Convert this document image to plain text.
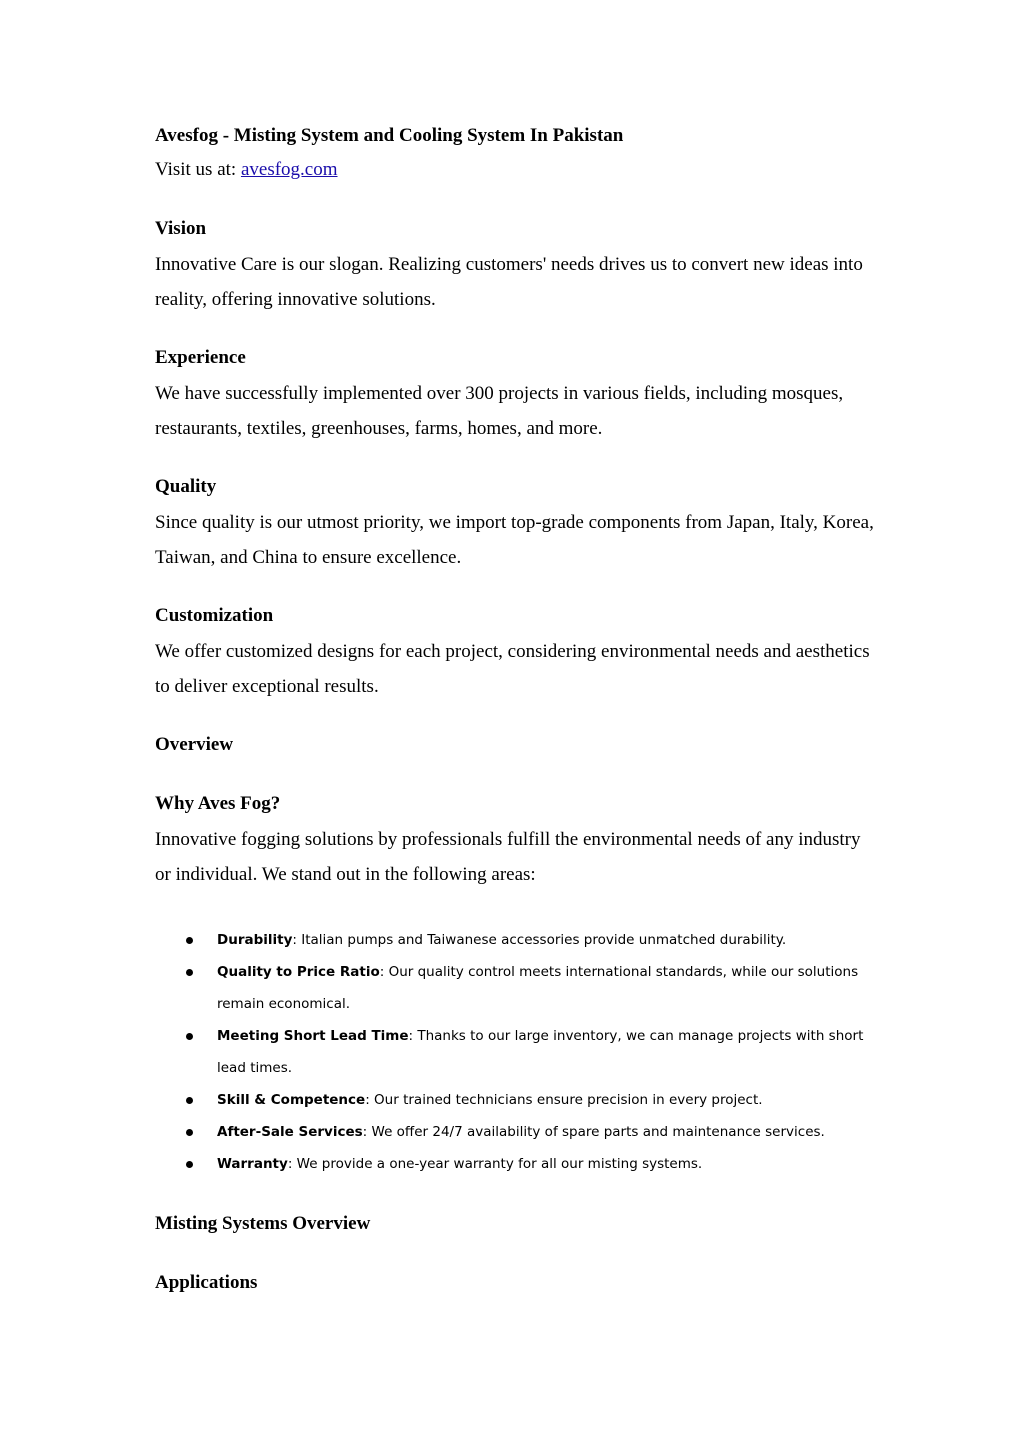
Avesfog - Misting System and Cooling System In Pakistan

Visit us at: avesfog.com

Vision

Innovative Care is our slogan. Realizing customers' needs drives us to convert new ideas into reality, offering innovative solutions.

Experience

We have successfully implemented over 300 projects in various fields, including mosques, restaurants, textiles, greenhouses, farms, homes, and more.

Quality

Since quality is our utmost priority, we import top-grade components from Japan, Italy, Korea, Taiwan, and China to ensure excellence.

Customization

We offer customized designs for each project, considering environmental needs and aesthetics to deliver exceptional results.

Overview

Why Aves Fog?

Innovative fogging solutions by professionals fulfill the environmental needs of any industry or individual. We stand out in the following areas:

Durability: Italian pumps and Taiwanese accessories provide unmatched durability.
Quality to Price Ratio: Our quality control meets international standards, while our solutions remain economical.
Meeting Short Lead Time: Thanks to our large inventory, we can manage projects with short lead times.
Skill & Competence: Our trained technicians ensure precision in every project.
After-Sale Services: We offer 24/7 availability of spare parts and maintenance services.
Warranty: We provide a one-year warranty for all our misting systems.

Misting Systems Overview

Applications
